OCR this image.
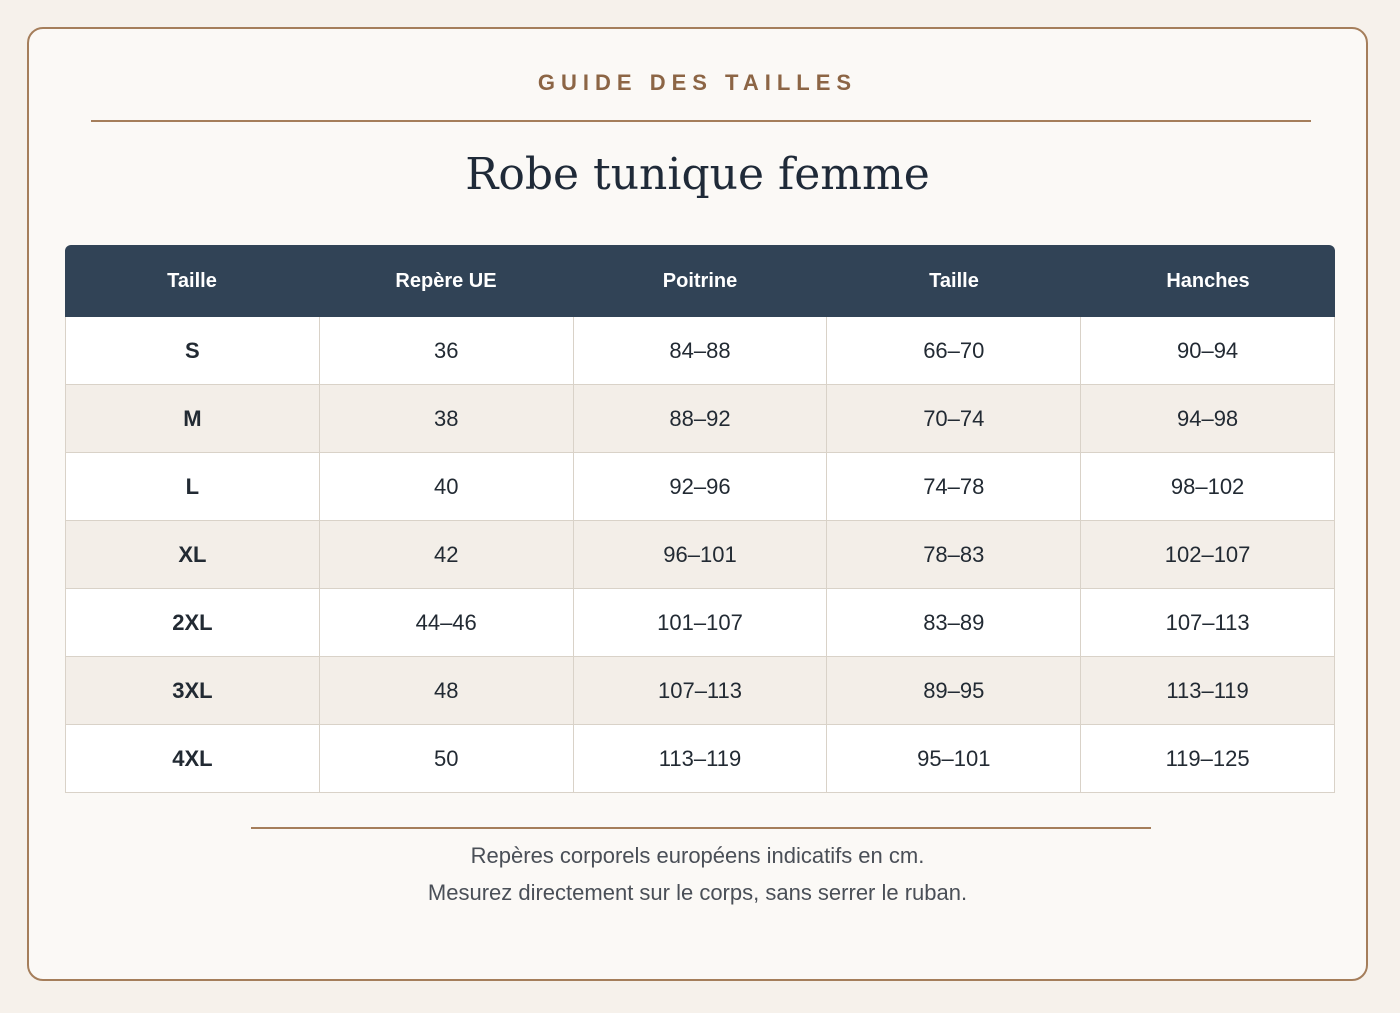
GUIDE DES TAILLES
Robe tunique femme
Taille	Repère UE	Poitrine	Taille	Hanches
S	36	84–88	66–70	90–94
M	38	88–92	70–74	94–98
L	40	92–96	74–78	98–102
XL	42	96–101	78–83	102–107
2XL	44–46	101–107	83–89	107–113
3XL	48	107–113	89–95	113–119
4XL	50	113–119	95–101	119–125
Repères corporels européens indicatifs en cm.
Mesurez directement sur le corps, sans serrer le ruban.
